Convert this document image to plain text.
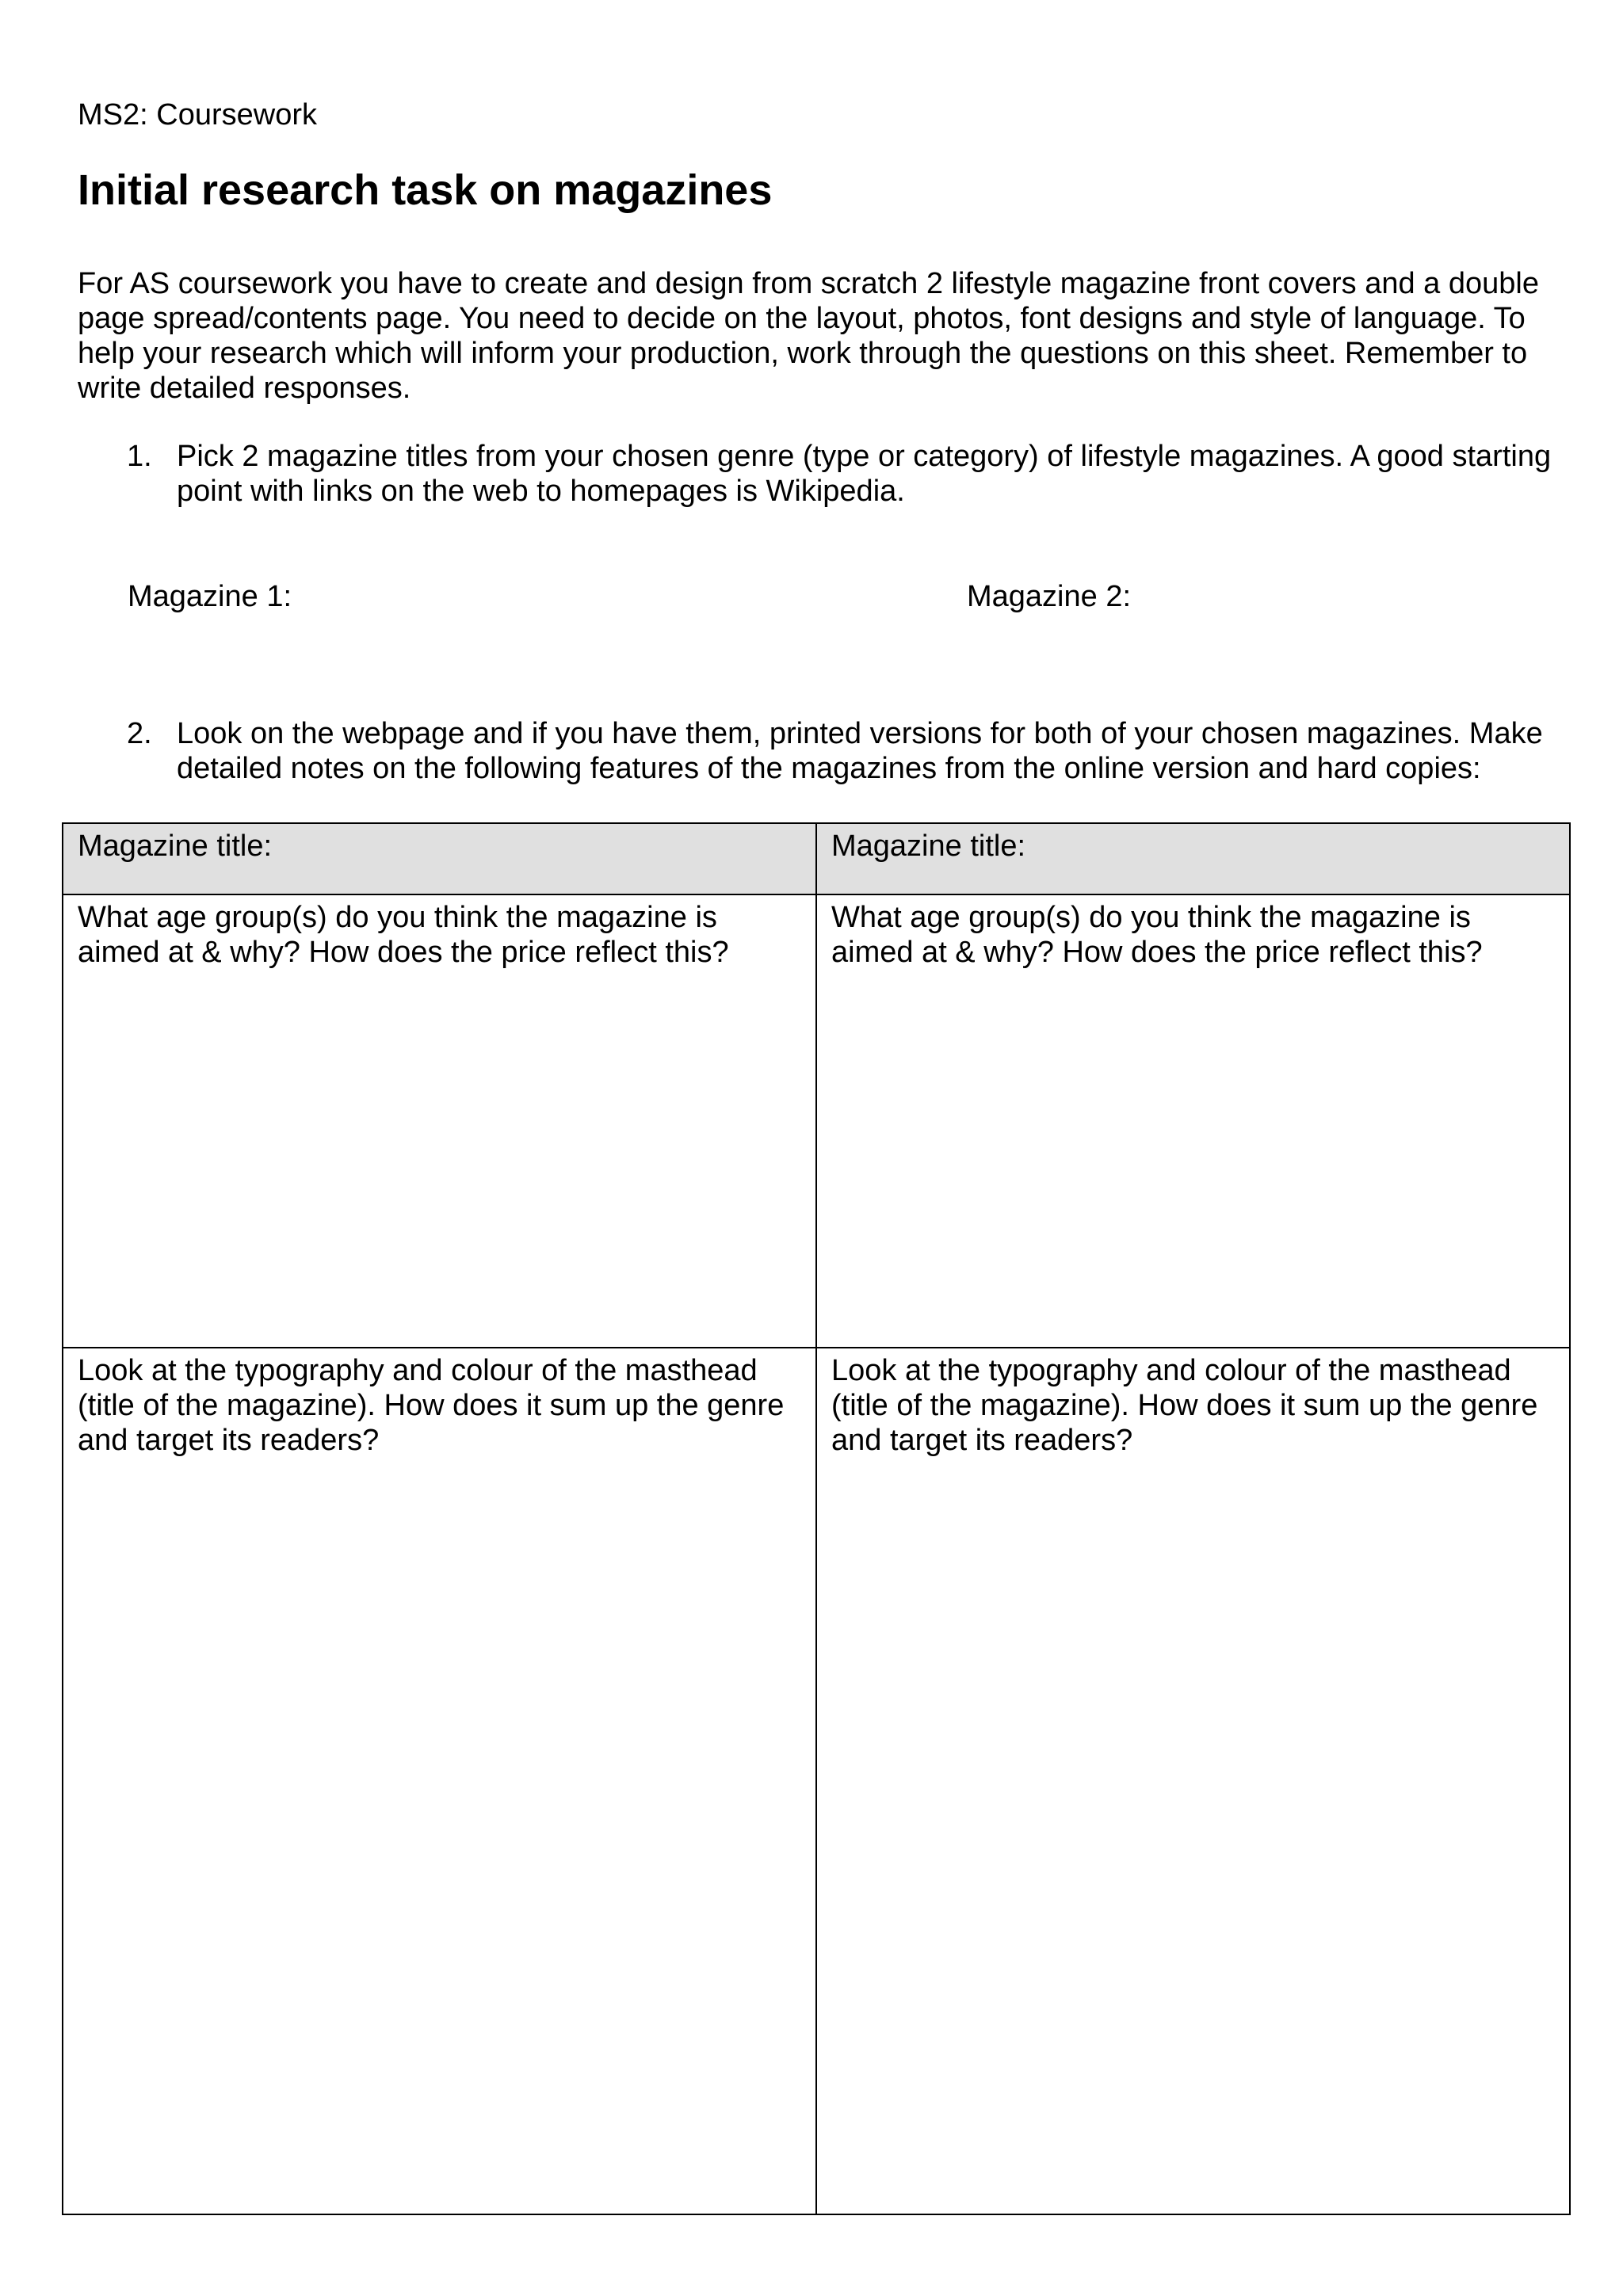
MS2: Coursework
Initial research task on magazines

For AS coursework you have to create and design from scratch 2 lifestyle magazine front covers and a double page spread/contents page. You need to decide on the layout, photos, font designs and style of language. To help your research which will inform your production, work through the questions on this sheet. Remember to write detailed responses.

1. Pick 2 magazine titles from your chosen genre (type or category) of lifestyle magazines. A good starting point with links on the web to homepages is Wikipedia.
Magazine 1:	Magazine 2:
2. Look on the webpage and if you have them, printed versions for both of your chosen magazines. Make detailed notes on the following features of the magazines from the online version and hard copies:
Magazine title:	Magazine title:
What age group(s) do you think the magazine is aimed at & why? How does the price reflect this?	What age group(s) do you think the magazine is aimed at & why? How does the price reflect this?
Look at the typography and colour of the masthead (title of the magazine). How does it sum up the genre and target its readers?	Look at the typography and colour of the masthead (title of the magazine). How does it sum up the genre and target its readers?
